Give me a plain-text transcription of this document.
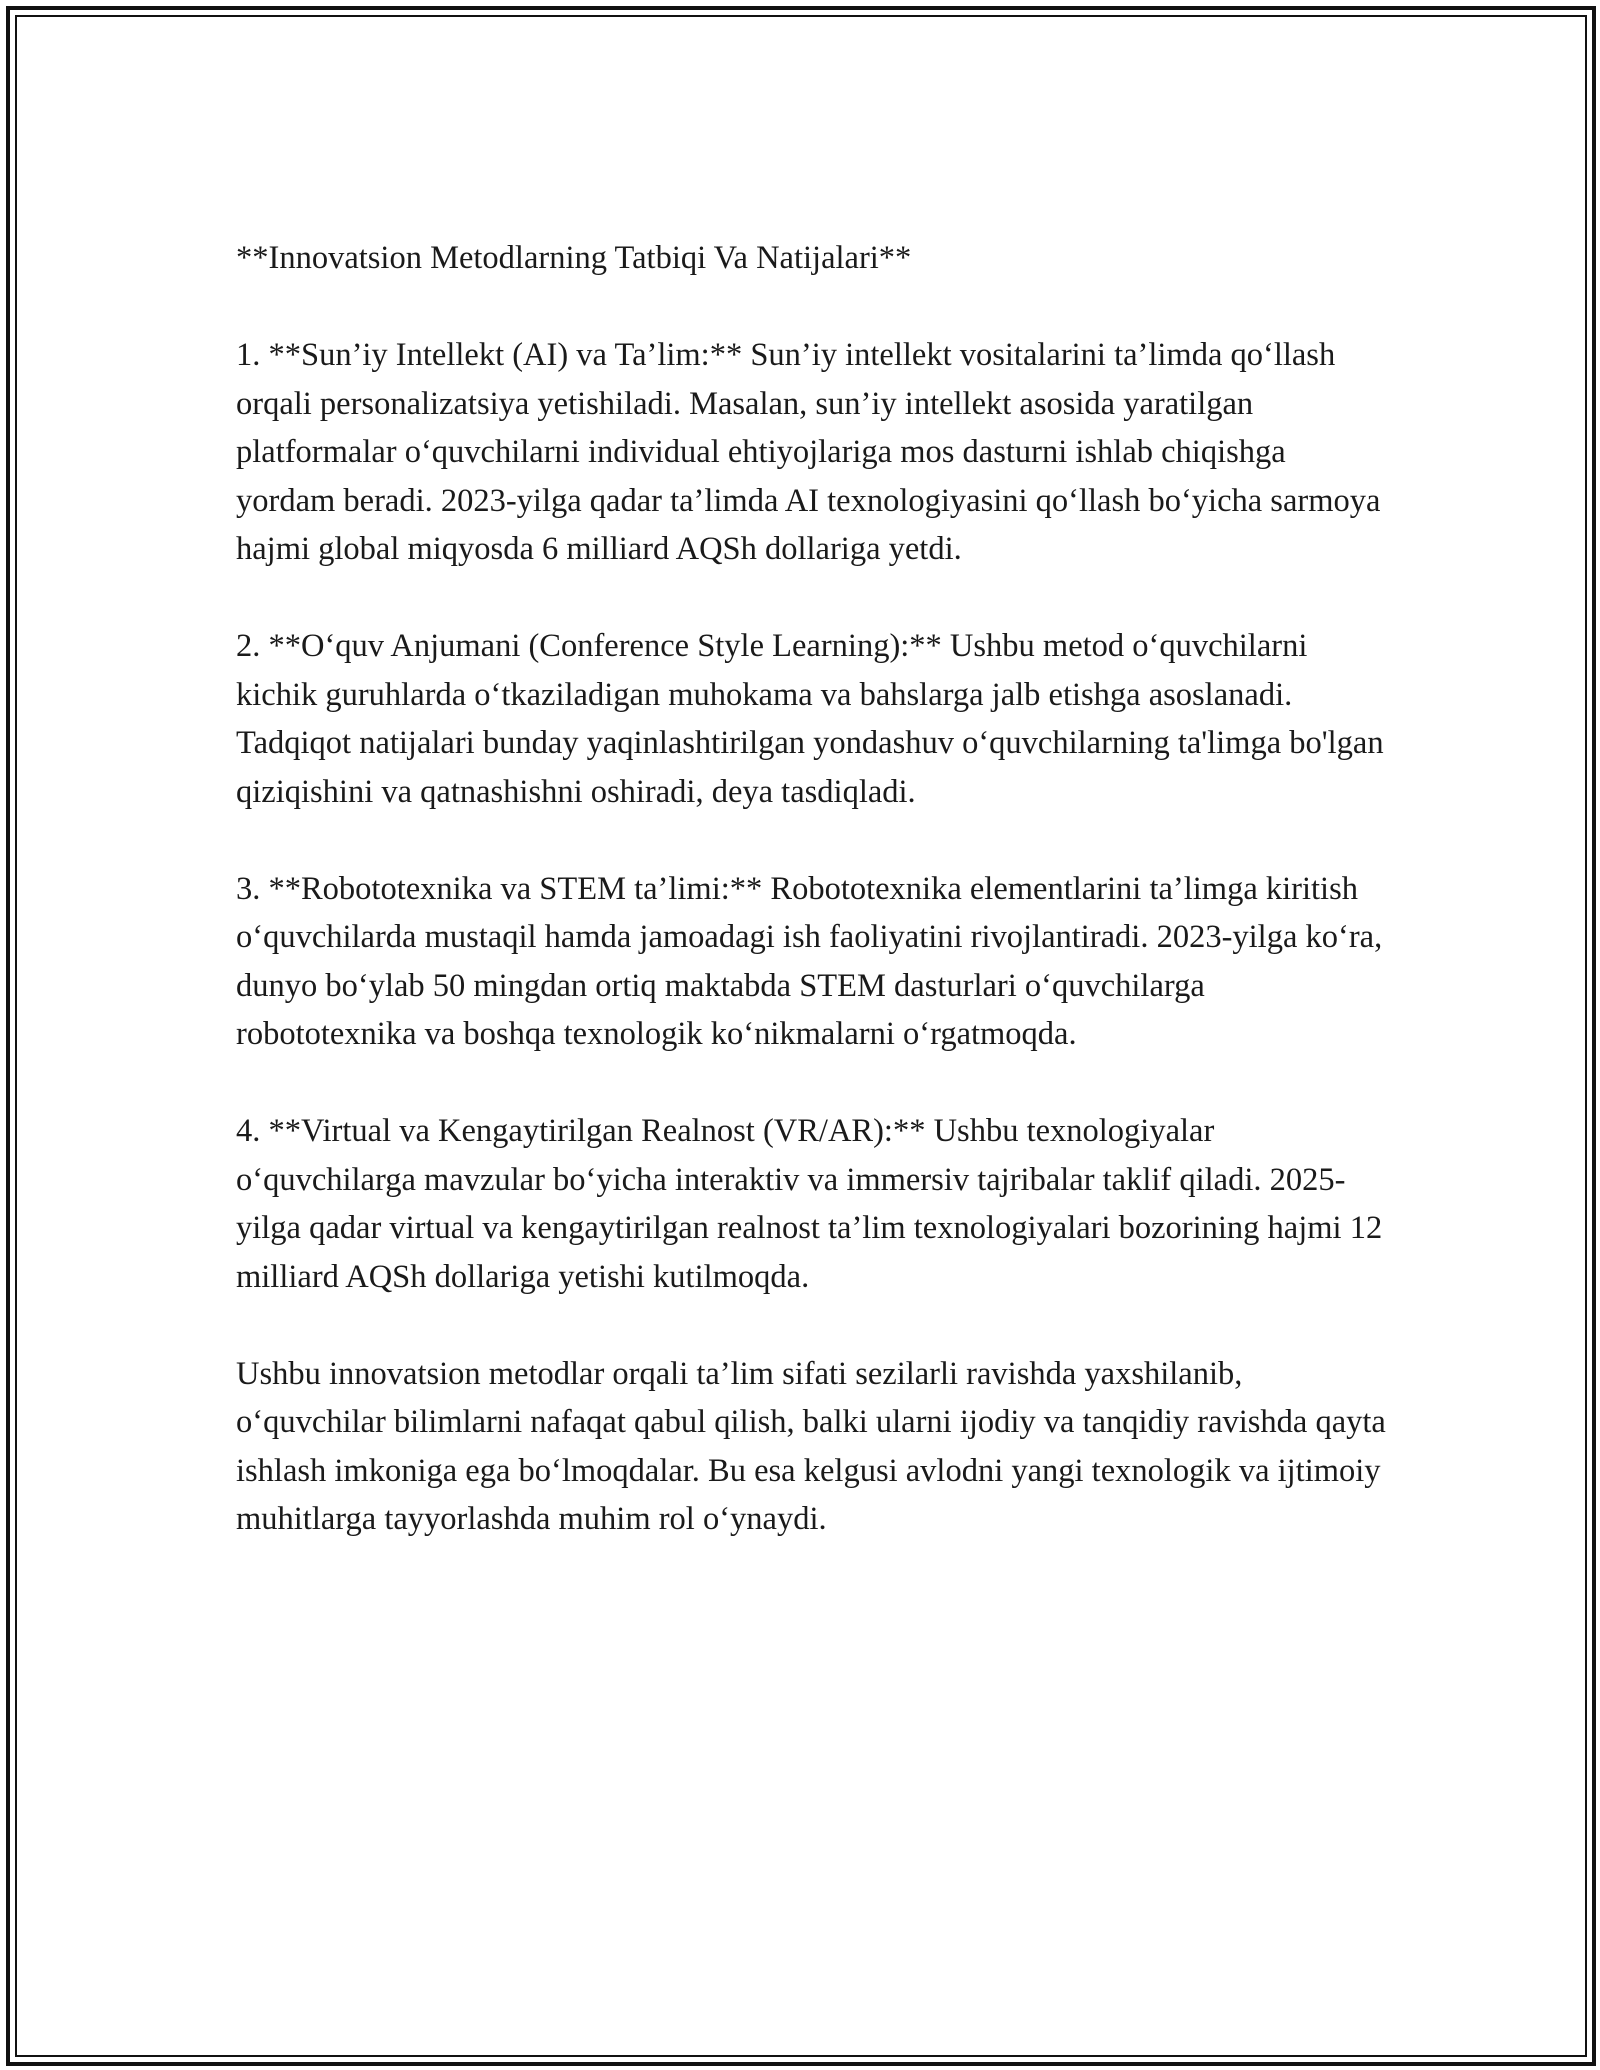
**Innovatsion Metodlarning Tatbiqi Va Natijalari**

1. **Sun’iy Intellekt (AI) va Ta’lim:** Sun’iy intellekt vositalarini ta’limda qo‘llash orqali personalizatsiya yetishiladi. Masalan, sun’iy intellekt asosida yaratilgan platformalar o‘quvchilarni individual ehtiyojlariga mos dasturni ishlab chiqishga yordam beradi. 2023-yilga qadar ta’limda AI texnologiyasini qo‘llash bo‘yicha sarmoya hajmi global miqyosda 6 milliard AQSh dollariga yetdi.

2. **O‘quv Anjumani (Conference Style Learning):** Ushbu metod o‘quvchilarni kichik guruhlarda o‘tkaziladigan muhokama va bahslarga jalb etishga asoslanadi. Tadqiqot natijalari bunday yaqinlashtirilgan yondashuv o‘quvchilarning ta'limga bo'lgan qiziqishini va qatnashishni oshiradi, deya tasdiqladi.

3. **Robototexnika va STEM ta’limi:** Robototexnika elementlarini ta’limga kiritish o‘quvchilarda mustaqil hamda jamoadagi ish faoliyatini rivojlantiradi. 2023-yilga ko‘ra, dunyo bo‘ylab 50 mingdan ortiq maktabda STEM dasturlari o‘quvchilarga robototexnika va boshqa texnologik ko‘nikmalarni o‘rgatmoqda.

4. **Virtual va Kengaytirilgan Realnost (VR/AR):** Ushbu texnologiyalar o‘quvchilarga mavzular bo‘yicha interaktiv va immersiv tajribalar taklif qiladi. 2025-yilga qadar virtual va kengaytirilgan realnost ta’lim texnologiyalari bozorining hajmi 12 milliard AQSh dollariga yetishi kutilmoqda.

Ushbu innovatsion metodlar orqali ta’lim sifati sezilarli ravishda yaxshilanib, o‘quvchilar bilimlarni nafaqat qabul qilish, balki ularni ijodiy va tanqidiy ravishda qayta ishlash imkoniga ega bo‘lmoqdalar. Bu esa kelgusi avlodni yangi texnologik va ijtimoiy muhitlarga tayyorlashda muhim rol o‘ynaydi.
